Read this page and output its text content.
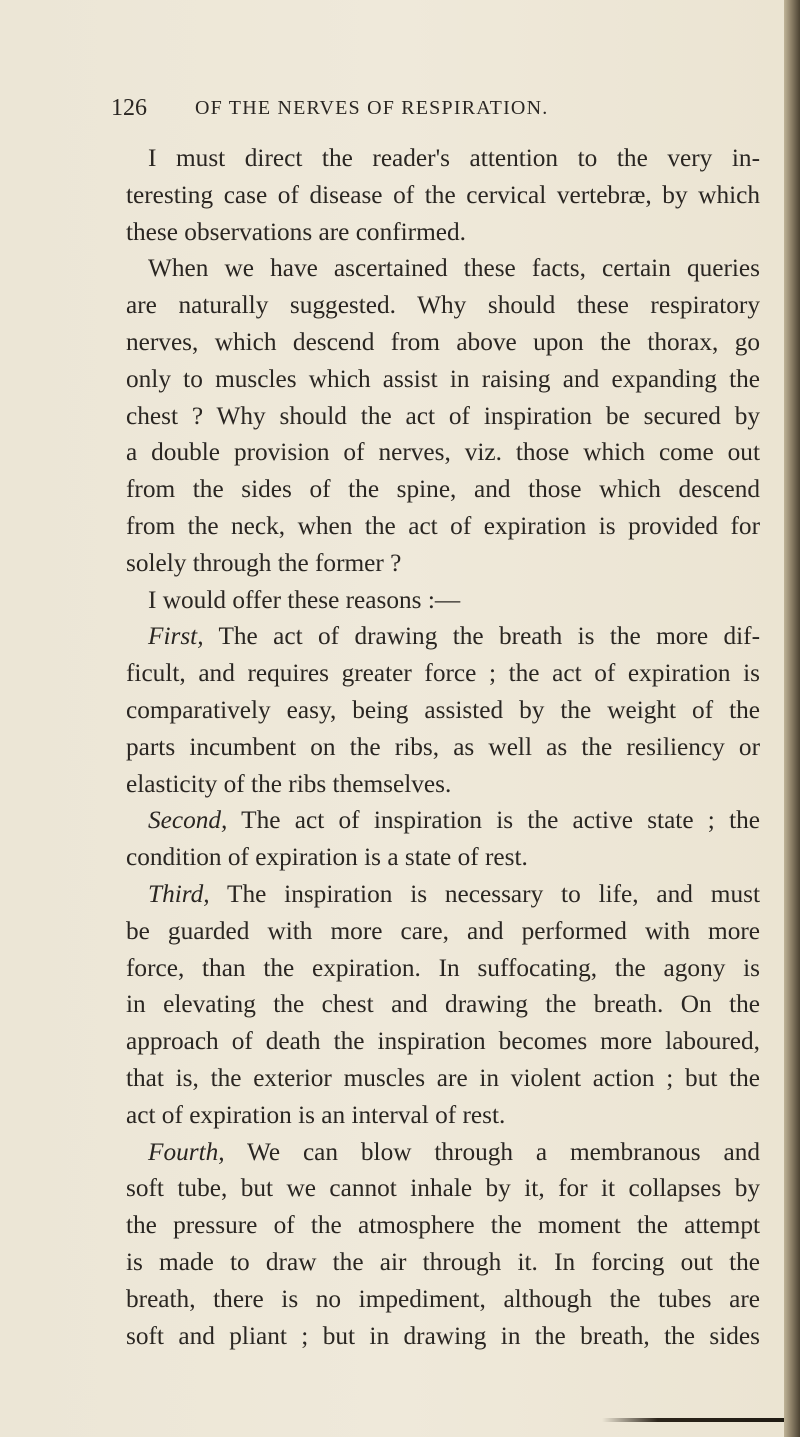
126 OF THE NERVES OF RESPIRATION.
I must direct the reader's attention to the very in-
teresting case of disease of the cervical vertebræ, by which
these observations are confirmed.
When we have ascertained these facts, certain queries
are naturally suggested. Why should these respiratory
nerves, which descend from above upon the thorax, go
only to muscles which assist in raising and expanding the
chest ? Why should the act of inspiration be secured by
a double provision of nerves, viz. those which come out
from the sides of the spine, and those which descend
from the neck, when the act of expiration is provided for
solely through the former ?
I would offer these reasons :—
First, The act of drawing the breath is the more dif-
ficult, and requires greater force ; the act of expiration is
comparatively easy, being assisted by the weight of the
parts incumbent on the ribs, as well as the resiliency or
elasticity of the ribs themselves.
Second, The act of inspiration is the active state ; the
condition of expiration is a state of rest.
Third, The inspiration is necessary to life, and must
be guarded with more care, and performed with more
force, than the expiration. In suffocating, the agony is
in elevating the chest and drawing the breath. On the
approach of death the inspiration becomes more laboured,
that is, the exterior muscles are in violent action ; but the
act of expiration is an interval of rest.
Fourth, We can blow through a membranous and
soft tube, but we cannot inhale by it, for it collapses by
the pressure of the atmosphere the moment the attempt
is made to draw the air through it. In forcing out the
breath, there is no impediment, although the tubes are
soft and pliant ; but in drawing in the breath, the sides
